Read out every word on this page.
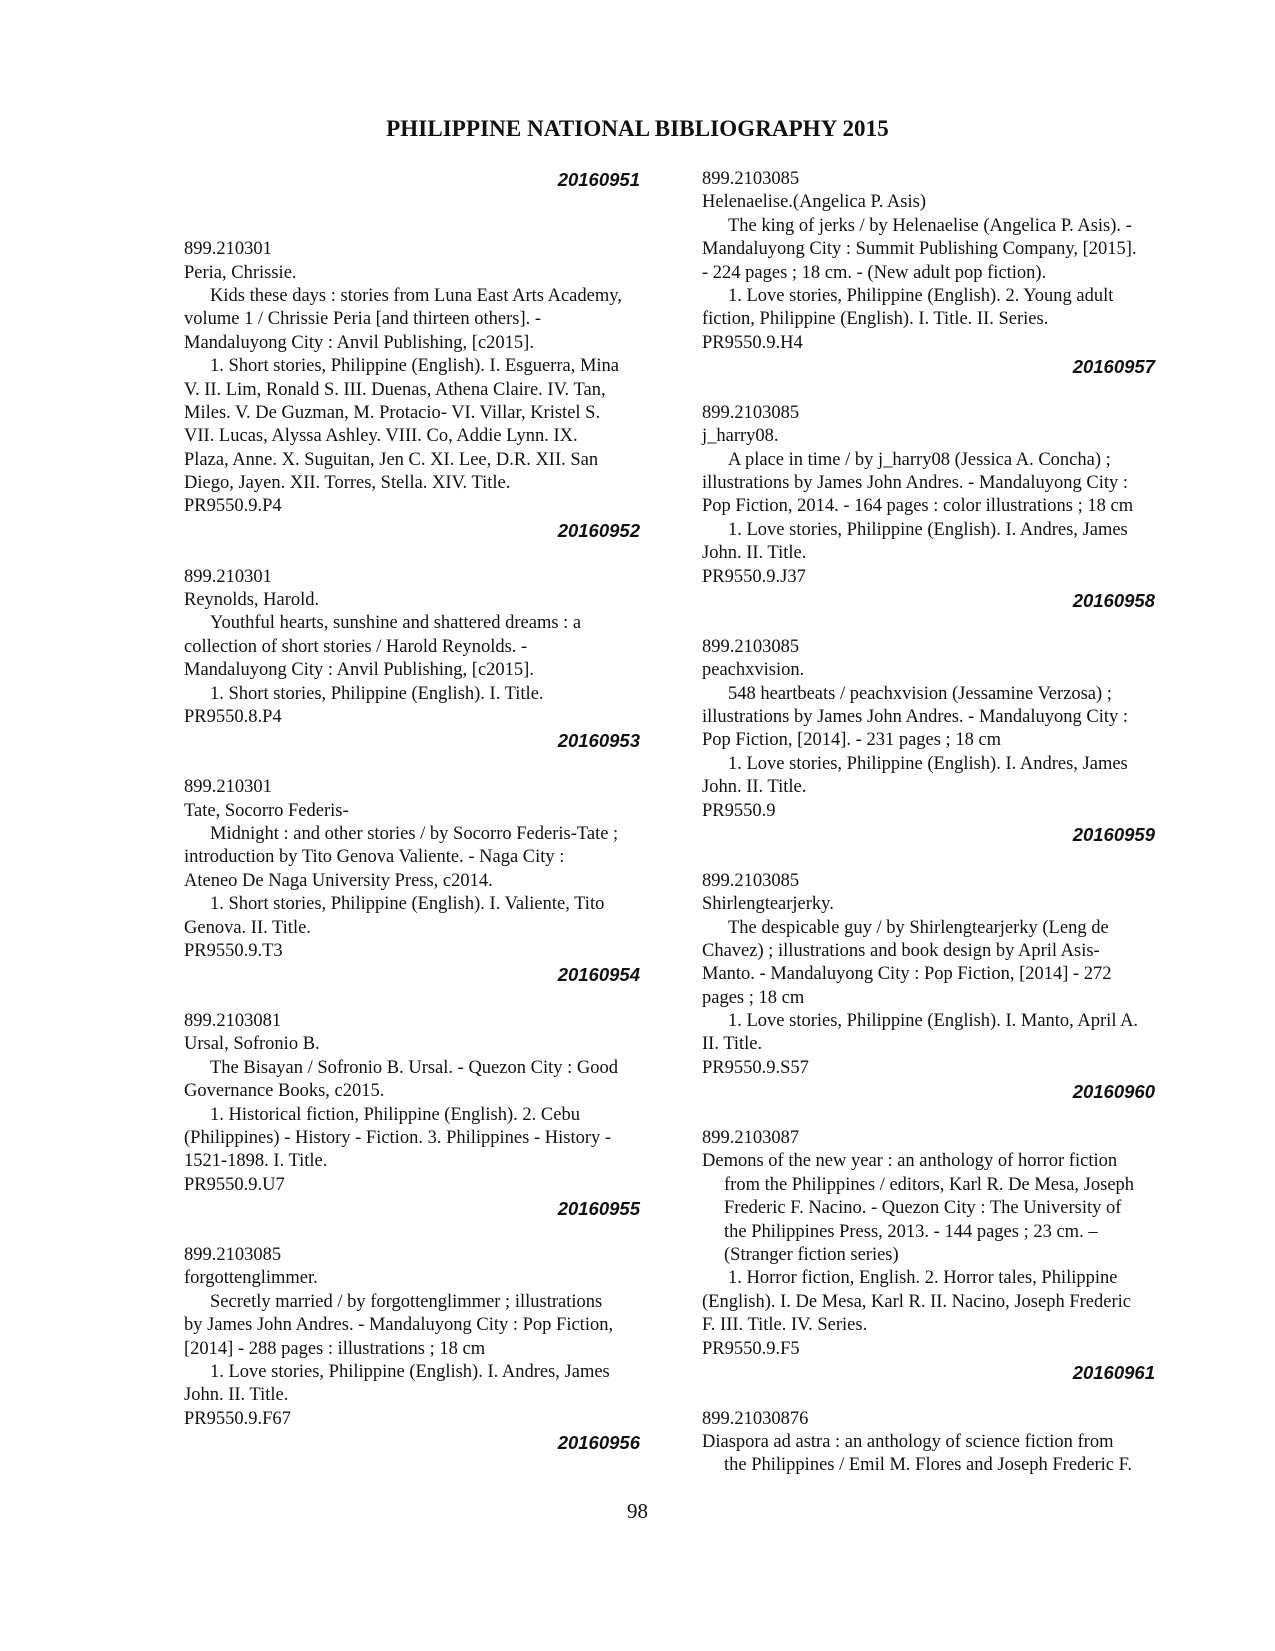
PHILIPPINE NATIONAL BIBLIOGRAPHY 2015
20160951
899.210301
Peria, Chrissie.
Kids these days : stories from Luna East Arts Academy,
volume 1 / Chrissie Peria [and thirteen others]. -
Mandaluyong City : Anvil Publishing, [c2015].
1. Short stories, Philippine (English). I. Esguerra, Mina
V. II. Lim, Ronald S. III. Duenas, Athena Claire. IV. Tan,
Miles. V. De Guzman, M. Protacio- VI. Villar, Kristel S.
VII. Lucas, Alyssa Ashley. VIII. Co, Addie Lynn. IX.
Plaza, Anne. X. Suguitan, Jen C. XI. Lee, D.R. XII. San
Diego, Jayen. XII. Torres, Stella. XIV. Title.
PR9550.9.P4
20160952
899.210301
Reynolds, Harold.
Youthful hearts, sunshine and shattered dreams : a
collection of short stories / Harold Reynolds. -
Mandaluyong City : Anvil Publishing, [c2015].
1. Short stories, Philippine (English). I. Title.
PR9550.8.P4
20160953
899.210301
Tate, Socorro Federis-
Midnight : and other stories / by Socorro Federis-Tate ;
introduction by Tito Genova Valiente. - Naga City :
Ateneo De Naga University Press, c2014.
1. Short stories, Philippine (English). I. Valiente, Tito
Genova. II. Title.
PR9550.9.T3
20160954
899.2103081
Ursal, Sofronio B.
The Bisayan / Sofronio B. Ursal. - Quezon City : Good
Governance Books, c2015.
1. Historical fiction, Philippine (English). 2. Cebu
(Philippines) - History - Fiction. 3. Philippines - History -
1521-1898. I. Title.
PR9550.9.U7
20160955
899.2103085
forgottenglimmer.
Secretly married / by forgottenglimmer ; illustrations
by James John Andres. - Mandaluyong City : Pop Fiction,
[2014] - 288 pages : illustrations ; 18 cm
1. Love stories, Philippine (English). I. Andres, James
John. II. Title.
PR9550.9.F67
20160956
899.2103085
Helenaelise.(Angelica P. Asis)
The king of jerks / by Helenaelise (Angelica P. Asis). -
Mandaluyong City : Summit Publishing Company, [2015].
- 224 pages ; 18 cm. - (New adult pop fiction).
1. Love stories, Philippine (English). 2. Young adult
fiction, Philippine (English). I. Title. II. Series.
PR9550.9.H4
20160957
899.2103085
j_harry08.
A place in time / by j_harry08 (Jessica A. Concha) ;
illustrations by James John Andres. - Mandaluyong City :
Pop Fiction, 2014. - 164 pages : color illustrations ; 18 cm
1. Love stories, Philippine (English). I. Andres, James
John. II. Title.
PR9550.9.J37
20160958
899.2103085
peachxvision.
548 heartbeats / peachxvision (Jessamine Verzosa) ;
illustrations by James John Andres. - Mandaluyong City :
Pop Fiction, [2014]. - 231 pages ; 18 cm
1. Love stories, Philippine (English). I. Andres, James
John. II. Title.
PR9550.9
20160959
899.2103085
Shirlengtearjerky.
The despicable guy / by Shirlengtearjerky (Leng de
Chavez) ; illustrations and book design by April Asis-
Manto. - Mandaluyong City : Pop Fiction, [2014] - 272
pages ; 18 cm
1. Love stories, Philippine (English). I. Manto, April A.
II. Title.
PR9550.9.S57
20160960
899.2103087
Demons of the new year : an anthology of horror fiction
from the Philippines / editors, Karl R. De Mesa, Joseph
Frederic F. Nacino. - Quezon City : The University of
the Philippines Press, 2013. - 144 pages ; 23 cm. –
(Stranger fiction series)
1. Horror fiction, English. 2. Horror tales, Philippine
(English). I. De Mesa, Karl R. II. Nacino, Joseph Frederic
F. III. Title. IV. Series.
PR9550.9.F5
20160961
899.21030876
Diaspora ad astra : an anthology of science fiction from
the Philippines / Emil M. Flores and Joseph Frederic F.
98
